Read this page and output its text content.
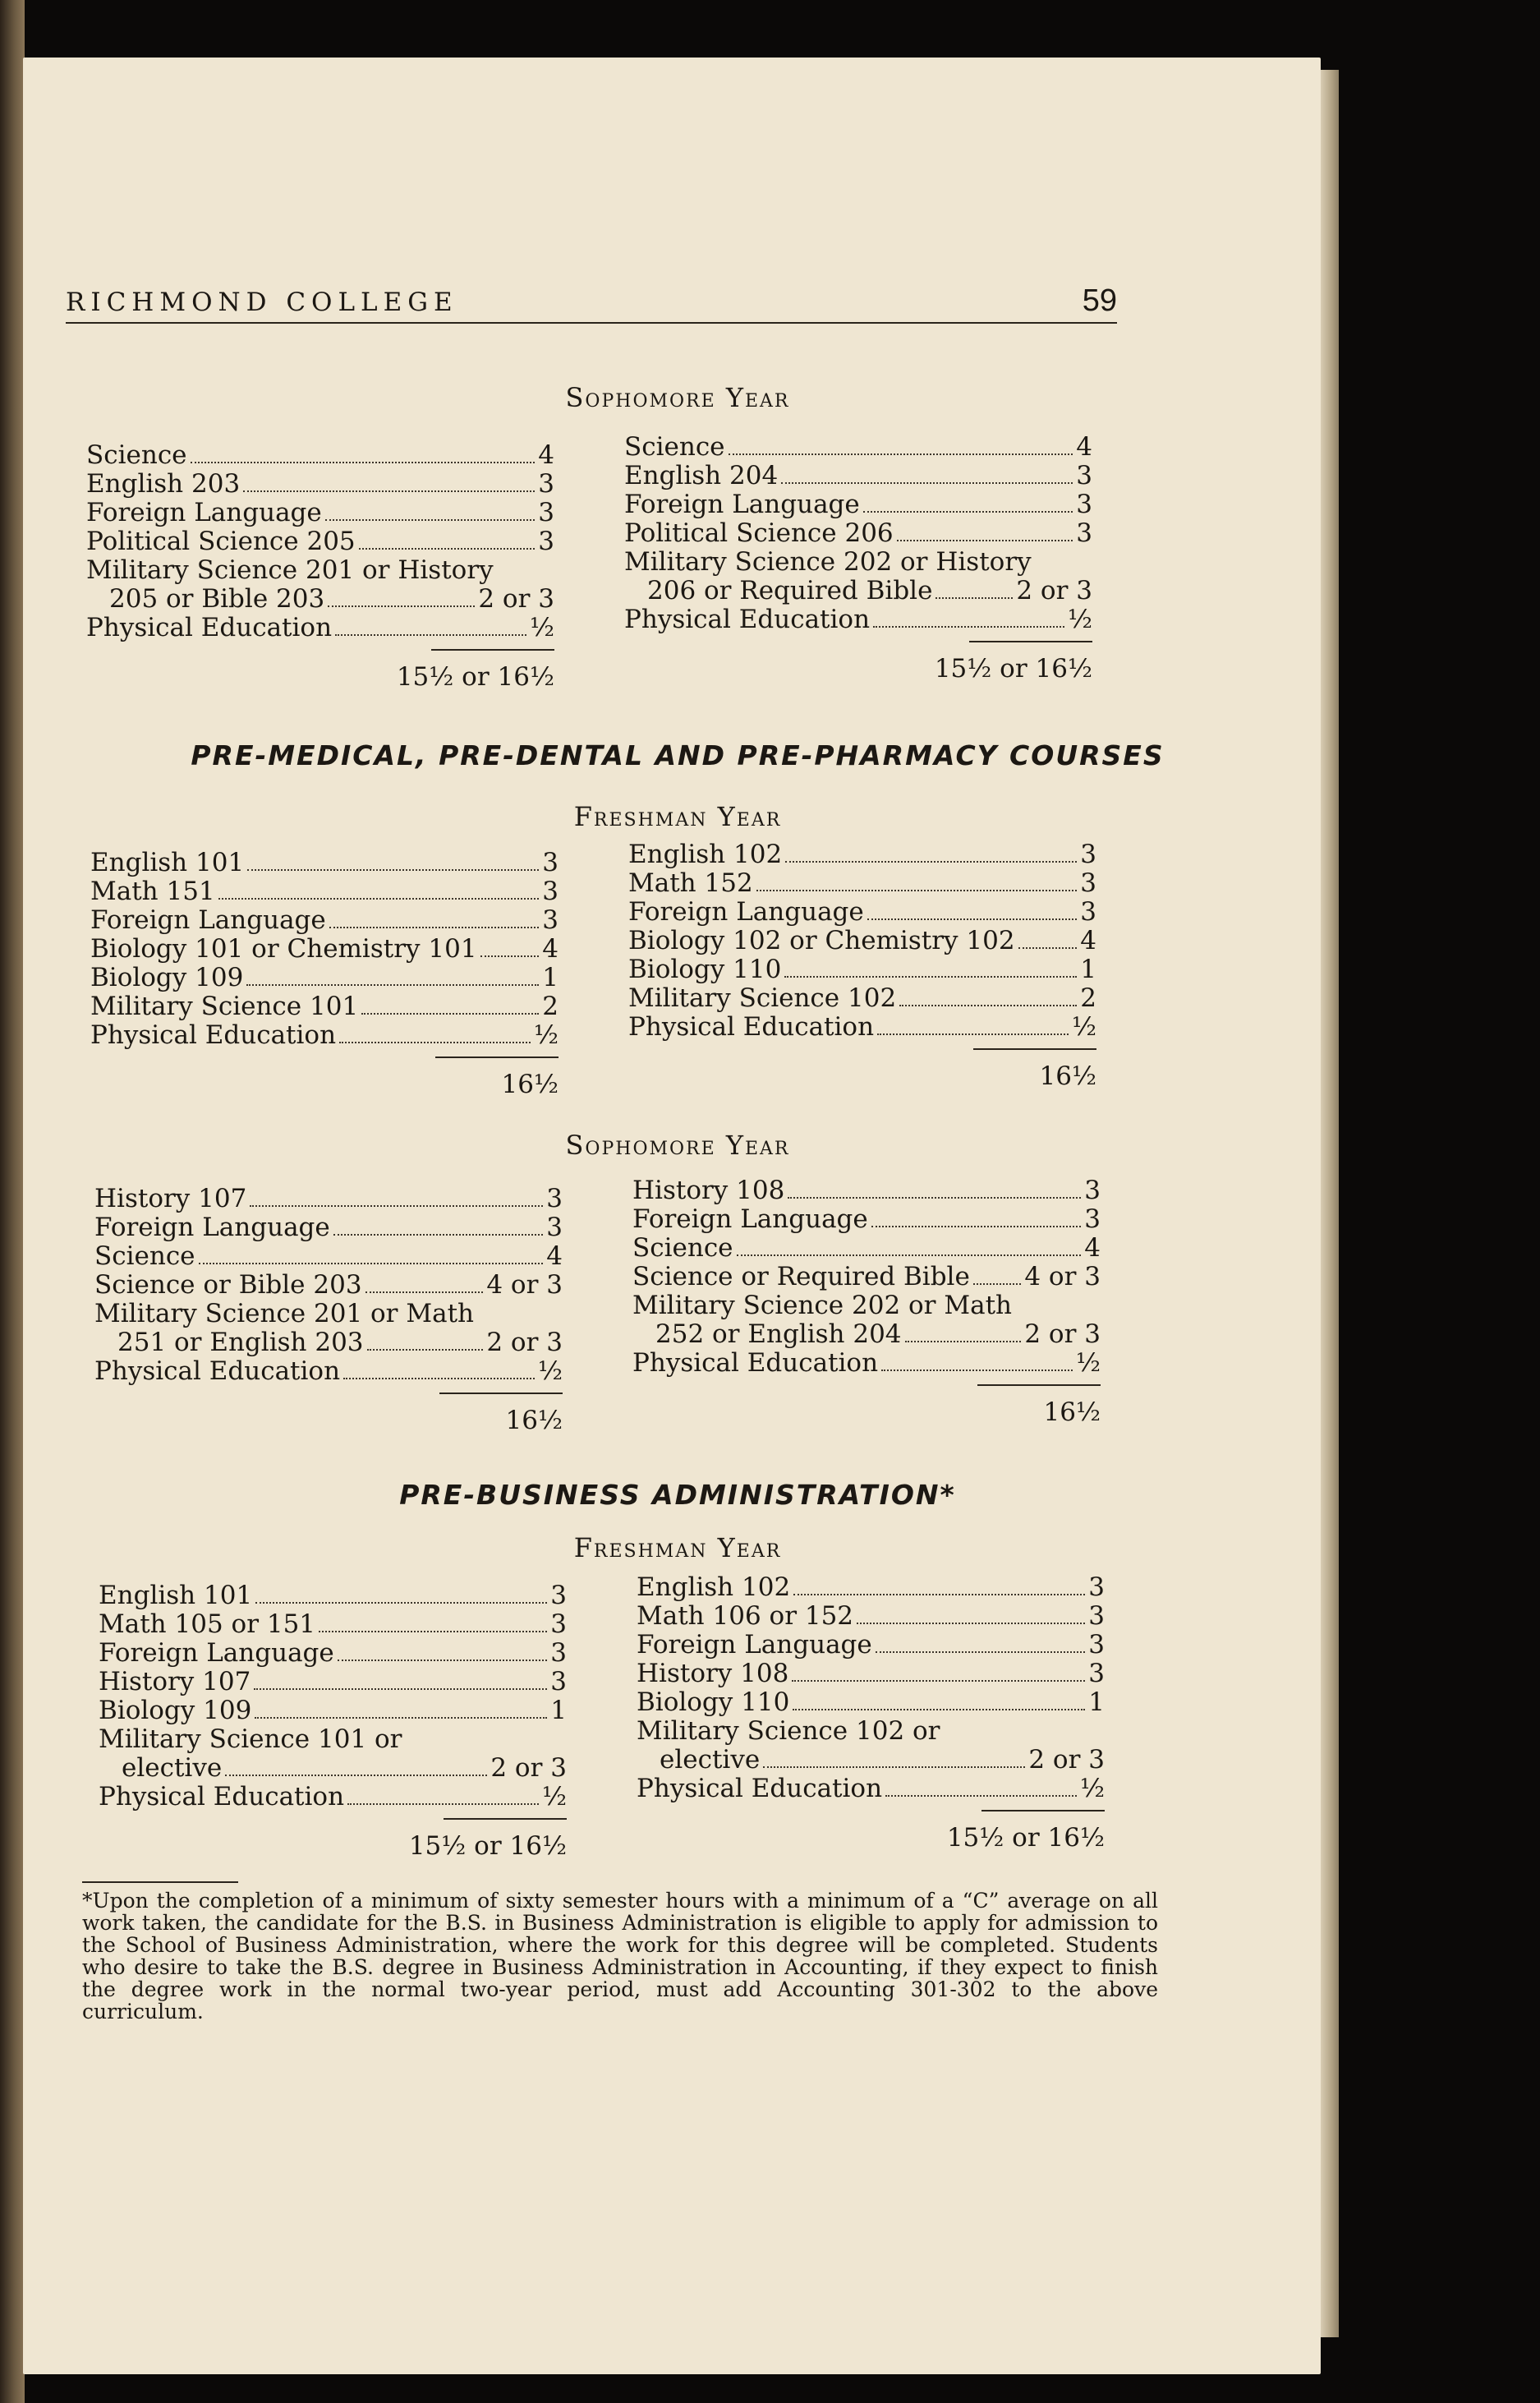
RICHMOND COLLEGE	59
Sophomore Year
Science	4
English 203	3
Foreign Language	3
Political Science 205	3
Military Science 201 or History
205 or Bible 203	2 or 3
Physical Education	½
15½ or 16½
Science	4
English 204	3
Foreign Language	3
Political Science 206	3
Military Science 202 or History
206 or Required Bible	2 or 3
Physical Education	½
15½ or 16½
PRE-MEDICAL, PRE-DENTAL AND PRE-PHARMACY COURSES
Freshman Year
English 101	3
Math 151	3
Foreign Language	3
Biology 101 or Chemistry 101	4
Biology 109	1
Military Science 101	2
Physical Education	½
16½
English 102	3
Math 152	3
Foreign Language	3
Biology 102 or Chemistry 102	4
Biology 110	1
Military Science 102	2
Physical Education	½
16½
Sophomore Year
History 107	3
Foreign Language	3
Science	4
Science or Bible 203	4 or 3
Military Science 201 or Math
251 or English 203	2 or 3
Physical Education	½
16½
History 108	3
Foreign Language	3
Science	4
Science or Required Bible 4 or 3
Military Science 202 or Math
252 or English 204	2 or 3
Physical Education	½
16½
PRE-BUSINESS ADMINISTRATION*
Freshman Year
English 101	3
Math 105 or 151	3
Foreign Language	3
History 107	3
Biology 109	1
Military Science 101 or
elective	2 or 3
Physical Education	½
15½ or 16½
English 102	3
Math 106 or 152	3
Foreign Language	3
History 108	3
Biology 110	1
Military Science 102 or
elective	2 or 3
Physical Education	½
15½ or 16½
*Upon the completion of a minimum of sixty semester hours with a minimum of a “C” average on all work taken, the candidate for the B.S. in Business Administration is eligible to apply for admission to the School of Business Administration, where the work for this degree will be completed. Students who desire to take the B.S. degree in Business Administration in Accounting, if they expect to finish the degree work in the normal two-year period, must add Accounting 301-302 to the above curriculum.
